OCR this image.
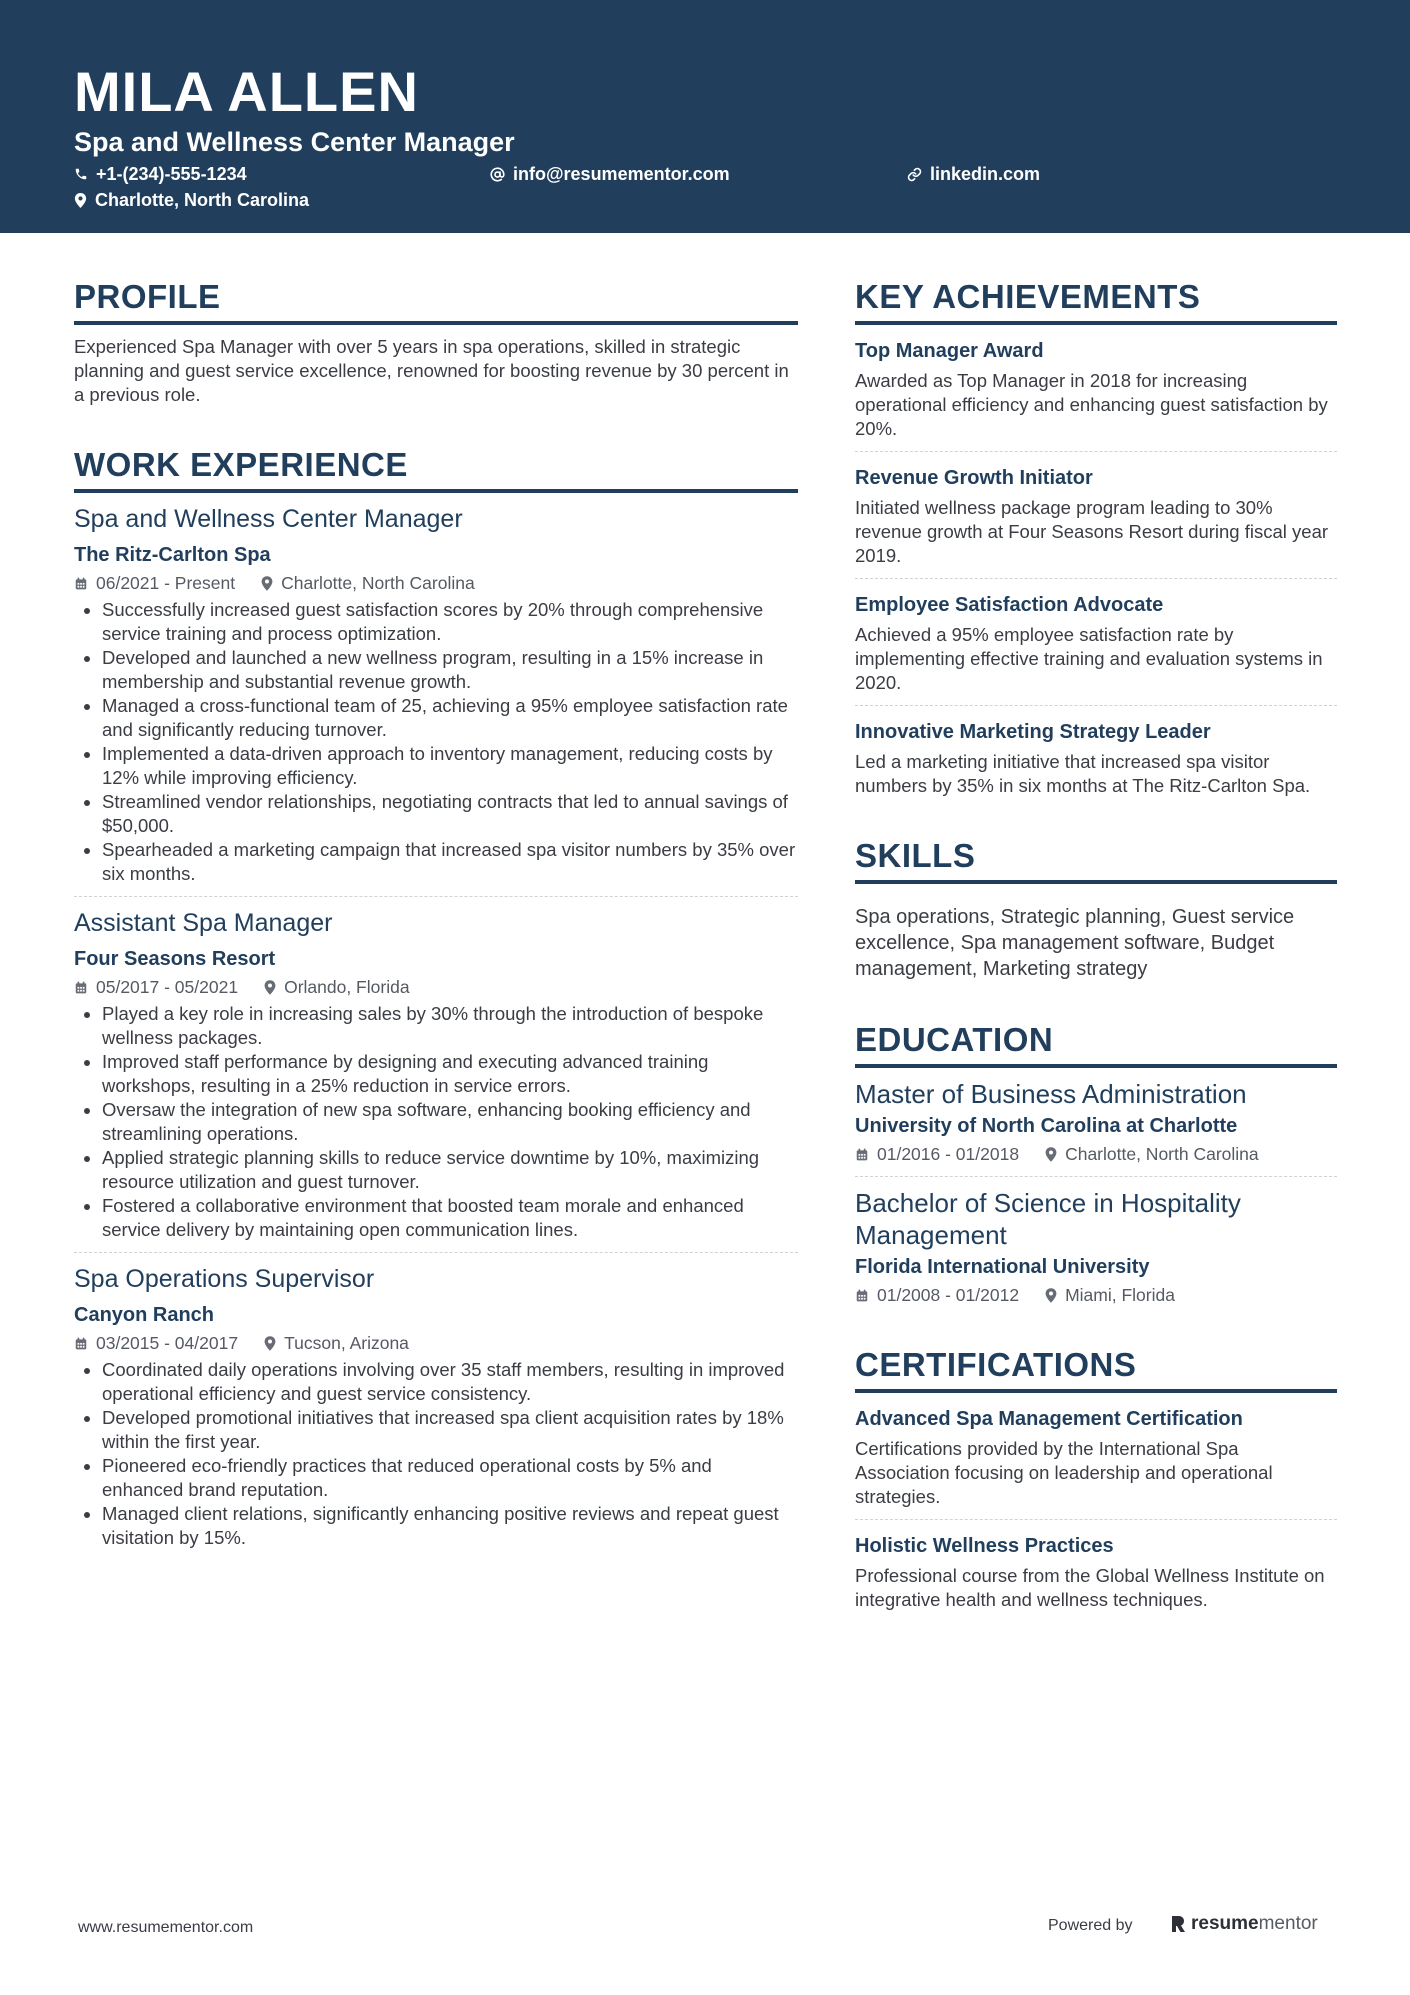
MILA ALLEN
Spa and Wellness Center Manager
+1-(234)-555-1234	info@resumementor.com	linkedin.com
Charlotte, North Carolina
PROFILE

Experienced Spa Manager with over 5 years in spa operations, skilled in strategic planning and guest service excellence, renowned for boosting revenue by 30 percent in a previous role.

WORK EXPERIENCE
Spa and Wellness Center Manager
The Ritz-Carlton Spa
06/2021 - Present	Charlotte, North Carolina
• Successfully increased guest satisfaction scores by 20% through comprehensive service training and process optimization.
• Developed and launched a new wellness program, resulting in a 15% increase in membership and substantial revenue growth.
• Managed a cross-functional team of 25, achieving a 95% employee satisfaction rate and significantly reducing turnover.
• Implemented a data-driven approach to inventory management, reducing costs by 12% while improving efficiency.
• Streamlined vendor relationships, negotiating contracts that led to annual savings of $50,000.
• Spearheaded a marketing campaign that increased spa visitor numbers by 35% over six months.
Assistant Spa Manager
Four Seasons Resort
05/2017 - 05/2021	Orlando, Florida
• Played a key role in increasing sales by 30% through the introduction of bespoke wellness packages.
• Improved staff performance by designing and executing advanced training workshops, resulting in a 25% reduction in service errors.
• Oversaw the integration of new spa software, enhancing booking efficiency and streamlining operations.
• Applied strategic planning skills to reduce service downtime by 10%, maximizing resource utilization and guest turnover.
• Fostered a collaborative environment that boosted team morale and enhanced service delivery by maintaining open communication lines.
Spa Operations Supervisor
Canyon Ranch
03/2015 - 04/2017	Tucson, Arizona
• Coordinated daily operations involving over 35 staff members, resulting in improved operational efficiency and guest service consistency.
• Developed promotional initiatives that increased spa client acquisition rates by 18% within the first year.
• Pioneered eco-friendly practices that reduced operational costs by 5% and enhanced brand reputation.
• Managed client relations, significantly enhancing positive reviews and repeat guest visitation by 15%.
KEY ACHIEVEMENTS
Top Manager Award
Awarded as Top Manager in 2018 for increasing operational efficiency and enhancing guest satisfaction by 20%.
Revenue Growth Initiator
Initiated wellness package program leading to 30% revenue growth at Four Seasons Resort during fiscal year 2019.
Employee Satisfaction Advocate
Achieved a 95% employee satisfaction rate by implementing effective training and evaluation systems in 2020.
Innovative Marketing Strategy Leader
Led a marketing initiative that increased spa visitor numbers by 35% in six months at The Ritz-Carlton Spa.
SKILLS
Spa operations, Strategic planning, Guest service excellence, Spa management software, Budget management, Marketing strategy
EDUCATION
Master of Business Administration
University of North Carolina at Charlotte
01/2016 - 01/2018	Charlotte, North Carolina
Bachelor of Science in Hospitality Management
Florida International University
01/2008 - 01/2012	Miami, Florida
CERTIFICATIONS
Advanced Spa Management Certification
Certifications provided by the International Spa Association focusing on leadership and operational strategies.
Holistic Wellness Practices
Professional course from the Global Wellness Institute on integrative health and wellness techniques.
www.resumementor.com	Powered by	resume mentor
